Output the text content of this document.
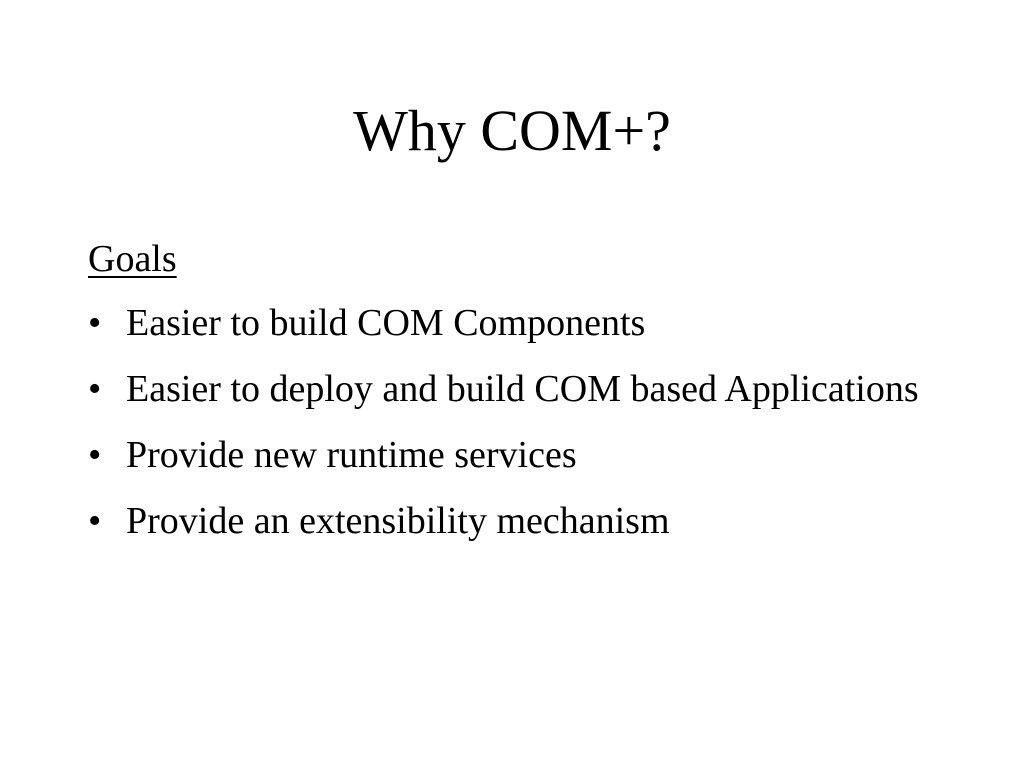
Why COM+?
Goals
• Easier to build COM Components
• Easier to deploy and build COM based Applications
• Provide new runtime services
• Provide an extensibility mechanism
